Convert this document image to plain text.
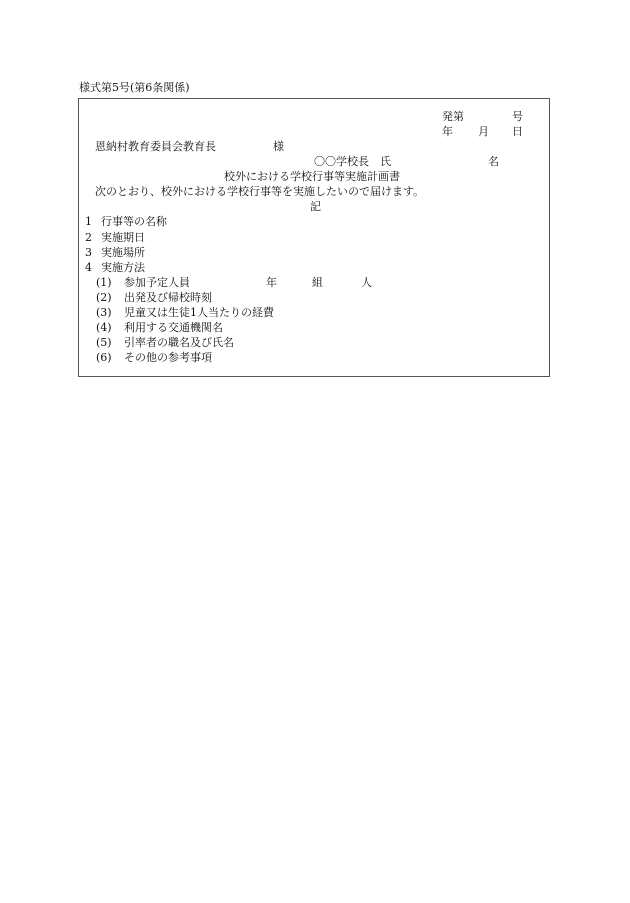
様式第5号(第6条関係)
発第	号
年 月 日
恩納村教育委員会教育長	様
〇〇学校長　氏	名
校外における学校行事等実施計画書
次のとおり、校外における学校行事等を実施したいので届けます。
記
1 行事等の名称
2 実施期日
3 実施場所
4 実施方法
(1) 参加予定人員	年	組	人
(2) 出発及び帰校時刻
(3) 児童又は生徒1人当たりの経費
(4) 利用する交通機関名
(5) 引率者の職名及び氏名
(6) その他の参考事項
